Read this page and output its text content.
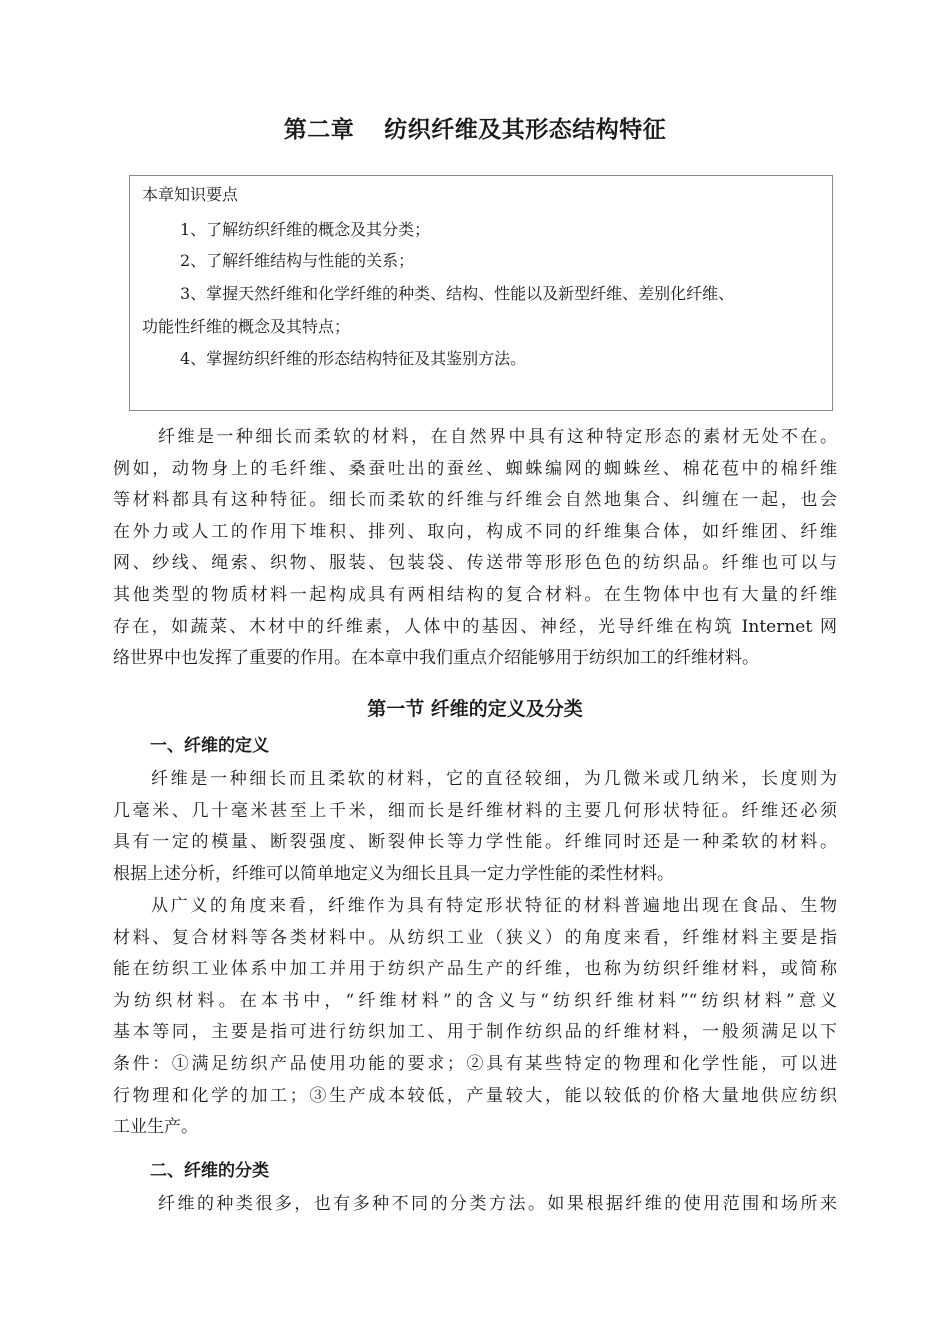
第二章 纺织纤维及其形态结构特征
本章知识要点
1、了解纺织纤维的概念及其分类；
2、了解纤维结构与性能的关系；
3、掌握天然纤维和化学纤维的种类、结构、性能以及新型纤维、差别化纤维、
功能性纤维的概念及其特点；
4、掌握纺织纤维的形态结构特征及其鉴别方法。
纤维是一种细长而柔软的材料，在自然界中具有这种特定形态的素材无处不在。
例如，动物身上的毛纤维、桑蚕吐出的蚕丝、蜘蛛编网的蜘蛛丝、棉花苞中的棉纤维
等材料都具有这种特征。细长而柔软的纤维与纤维会自然地集合、纠缠在一起，也会
在外力或人工的作用下堆积、排列、取向，构成不同的纤维集合体，如纤维团、纤维
网、纱线、绳索、织物、服装、包装袋、传送带等形形色色的纺织品。纤维也可以与
其他类型的物质材料一起构成具有两相结构的复合材料。在生物体中也有大量的纤维
存在，如蔬菜、木材中的纤维素，人体中的基因、神经，光导纤维在构筑 Internet 网
络世界中也发挥了重要的作用。在本章中我们重点介绍能够用于纺织加工的纤维材料。
第一节 纤维的定义及分类
一、纤维的定义
纤维是一种细长而且柔软的材料，它的直径较细，为几微米或几纳米，长度则为
几毫米、几十毫米甚至上千米，细而长是纤维材料的主要几何形状特征。纤维还必须
具有一定的模量、断裂强度、断裂伸长等力学性能。纤维同时还是一种柔软的材料。
根据上述分析，纤维可以简单地定义为细长且具一定力学性能的柔性材料。
从广义的角度来看，纤维作为具有特定形状特征的材料普遍地出现在食品、生物
材料、复合材料等各类材料中。从纺织工业（狭义）的角度来看，纤维材料主要是指
能在纺织工业体系中加工并用于纺织产品生产的纤维，也称为纺织纤维材料，或简称
为纺织材料。在本书中，“纤维材料”的含义与“纺织纤维材料”“纺织材料”意义
基本等同，主要是指可进行纺织加工、用于制作纺织品的纤维材料，一般须满足以下
条件：①满足纺织产品使用功能的要求；②具有某些特定的物理和化学性能，可以进
行物理和化学的加工；③生产成本较低，产量较大，能以较低的价格大量地供应纺织
工业生产。
二、纤维的分类
纤维的种类很多，也有多种不同的分类方法。如果根据纤维的使用范围和场所来
